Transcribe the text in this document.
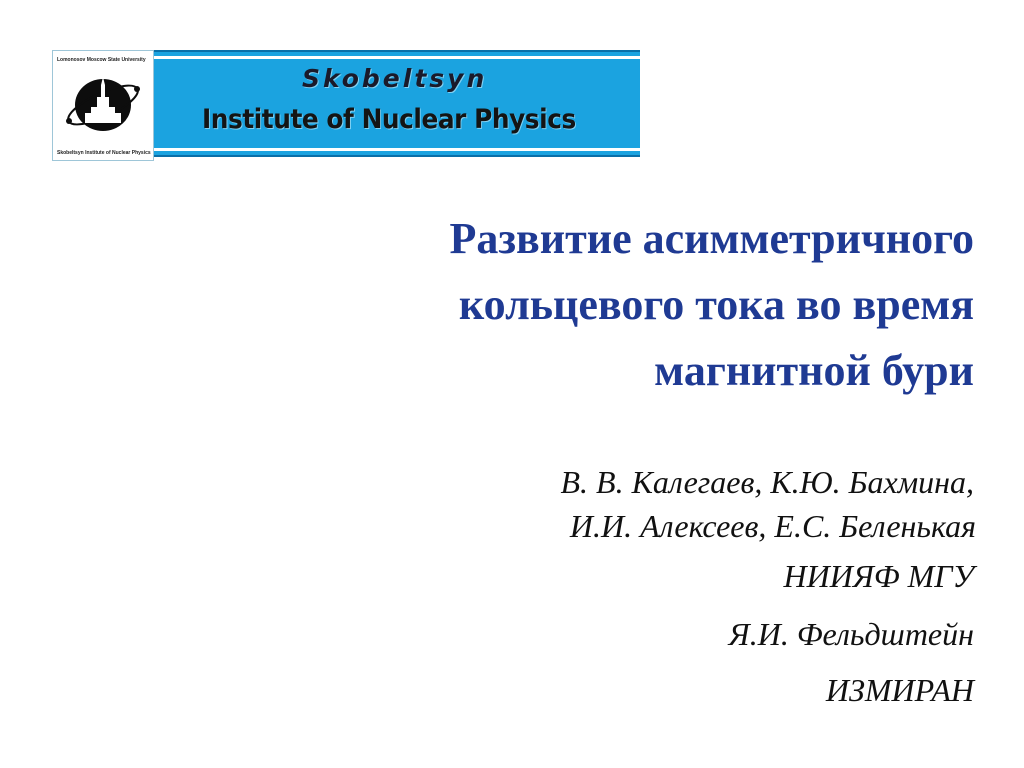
Lomonosov Moscow State University
Skobeltsyn Institute of Nuclear Physics
Skobeltsyn
Institute of Nuclear Physics
Развитие асимметричного
кольцевого тока во время
магнитной бури
В. В. Калегаев, К.Ю. Бахмина,
И.И. Алексеев, Е.С. Беленькая
НИИЯФ МГУ
Я.И. Фельдштейн
ИЗМИРАН
